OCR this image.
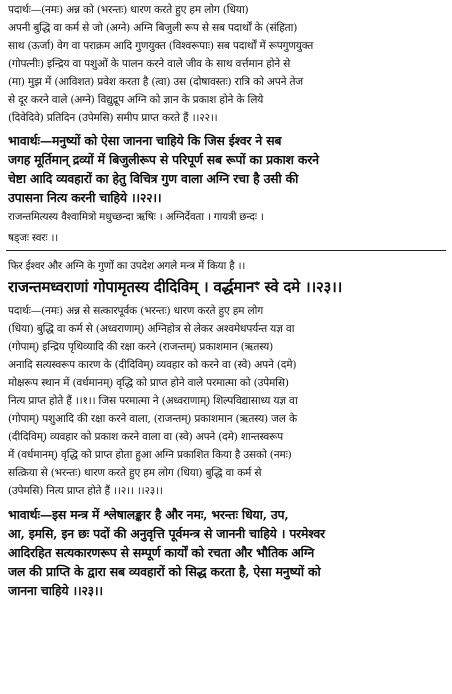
पदार्थः—(नमः) अन्न को (भरन्तः) धारण करते हुए हम लोग (धिया)
अपनी बुद्धि वा कर्म से जो (अग्ने) अग्नि बिजुली रूप से सब पदार्थों के (संहिता)
साथ (ऊर्जा) वेग वा पराक्रम आदि गुणयुक्त (विश्वरूपाः) सब पदार्थों में रूपगुणयुक्त
(गोपत्नीः) इन्द्रिय वा पशुओं के पालन करने वाले जीव के साथ वर्त्तमान होने से
(मा) मुझ में (आविशत) प्रवेश करता है (त्वा) उस (दोषावस्तः) रात्रि को अपने तेज
से दूर करने वाले (अग्ने) विद्युद्रूप अग्नि को ज्ञान के प्रकाश होने के लिये
(दिवेदिवे) प्रतिदिन (उपेमसि) समीप प्राप्त करते हैं ।।२२।।
भावार्थः—मनुष्यों को ऐसा जानना चाहिये कि जिस ईश्वर ने सब
जगह मूर्तिमान् द्रव्यों में बिजुलीरूप से परिपूर्ण सब रूपों का प्रकाश करने
चेष्टा आदि व्यवहारों का हेतु विचित्र गुण वाला अग्नि रचा है उसी की
उपासना नित्य करनी चाहिये ।।२२।।
राजन्तमित्यस्य वैश्वामित्रो मधुच्छन्दा ऋषिः । अग्निर्देवता । गायत्री छन्दः ।
षड्जः स्वरः ।।
फिर ईश्वर और अग्नि के गुणों का उपदेश अगले मन्त्र में किया है ।।
राजन्तमध्वराणां गोपामृतस्य दीदिविम् । वर्द्धमानꣳ स्वे दमे ।।२३।।
पदार्थः—(नमः) अन्न से सत्कारपूर्वक (भरन्तः) धारण करते हुए हम लोग
(धिया) बुद्धि वा कर्म से (अध्वराणाम्) अग्निहोत्र से लेकर अश्वमेधपर्यन्त यज्ञ वा
(गोपाम्) इन्द्रिय पृथिव्यादि की रक्षा करने (राजन्तम्) प्रकाशमान (ऋतस्य)
अनादि सत्यस्वरूप कारण के (दीदिविम्) व्यवहार को करने वा (स्वे) अपने (दमे)
मोक्षरूप स्थान में (वर्धमानम्) वृद्धि को प्राप्त होने वाले परमात्मा को (उपेमसि)
नित्य प्राप्त होते हैं ।।१।। जिस परमात्मा ने (अध्वराणाम्) शिल्पविद्यासाध्य यज्ञ वा
(गोपाम्) पशुआदि की रक्षा करने वाला, (राजन्तम्) प्रकाशमान (ऋतस्य) जल के
(दीदिविम्) व्यवहार को प्रकाश करने वाला वा (स्वे) अपने (दमे) शान्तस्वरूप
में (वर्धमानम्) वृद्धि को प्राप्त होता हुआ अग्नि प्रकाशित किया है उसको (नमः)
सत्क्रिया से (भरन्तः) धारण करते हुए हम लोग (धिया) बुद्धि वा कर्म से
(उपेमसि) नित्य प्राप्त होते हैं ।।२।। ।।२३।।
भावार्थः—इस मन्त्र में श्लेषालङ्कार है और नमः, भरन्तः धिया, उप,
आ, इमसि, इन छः पदों की अनुवृत्ति पूर्वमन्त्र से जाननी चाहिये । परमेश्वर
आदिरहित सत्यकारणरूप से सम्पूर्ण कार्यों को रचता और भौतिक अग्नि
जल की प्राप्ति के द्वारा सब व्यवहारों को सिद्ध करता है, ऐसा मनुष्यों को
जानना चाहिये ।।२३।।
